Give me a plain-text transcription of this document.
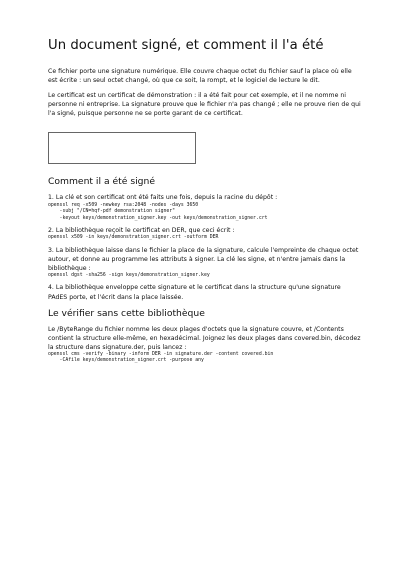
Un document signé, et comment il l'a été

Ce fichier porte une signature numérique. Elle couvre chaque octet du fichier sauf la place où elle est écrite : un seul octet changé, où que ce soit, la rompt, et le logiciel de lecture le dit.

Le certificat est un certificat de démonstration : il a été fait pour cet exemple, et il ne nomme ni personne ni entreprise. La signature prouve que le fichier n'a pas changé ; elle ne prouve rien de qui l'a signé, puisque personne ne se porte garant de ce certificat.

Comment il a été signé

1. La clé et son certificat ont été faits une fois, depuis la racine du dépôt :

openssl req -x509 -newkey rsa:2048 -nodes -days 3650
-subj "/CN=hqf-pdf demonstration signer"
-keyout keys/demonstration_signer.key -out keys/demonstration_signer.crt

2. La bibliothèque reçoit le certificat en DER, que ceci écrit :

openssl x509 -in keys/demonstration_signer.crt -outform DER

3. La bibliothèque laisse dans le fichier la place de la signature, calcule l'empreinte de chaque octet autour, et donne au programme les attributs à signer. La clé les signe, et n'entre jamais dans la bibliothèque :

openssl dgst -sha256 -sign keys/demonstration_signer.key

4. La bibliothèque enveloppe cette signature et le certificat dans la structure qu'une signature PAdES porte, et l'écrit dans la place laissée.

Le vérifier sans cette bibliothèque

Le /ByteRange du fichier nomme les deux plages d'octets que la signature couvre, et /Contents contient la structure elle-même, en hexadécimal. Joignez les deux plages dans covered.bin, décodez la structure dans signature.der, puis lancez :

openssl cms -verify -binary -inform DER -in signature.der -content covered.bin
-CAfile keys/demonstration_signer.crt -purpose any
